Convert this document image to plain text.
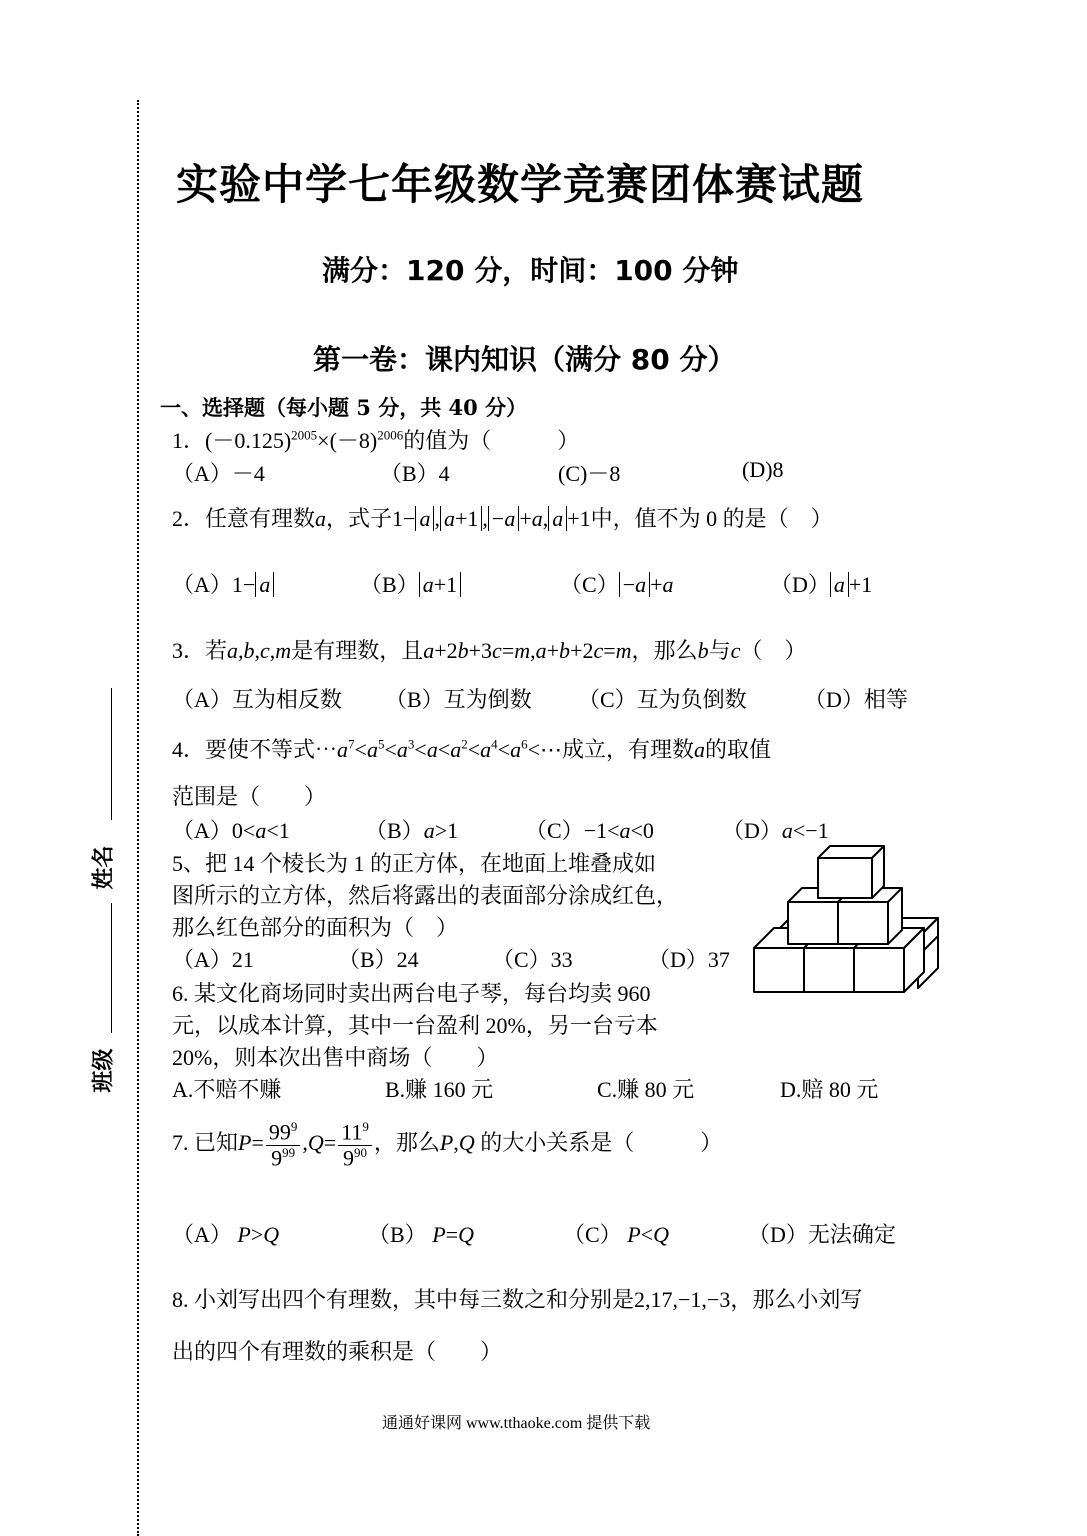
姓名
班级
实验中学七年级数学竞赛团体赛试题
满分：120 分，时间：100 分钟
第一卷：课内知识（满分 80 分）
一、选择题（每小题 5 分，共 40 分）
1．$(-0.125)^{2005}\times(-8)^{2006}$的值为（　　　）
（A）－4	（B）4	(C)－8	(D)8
2．任意有理数a，式子1− a , a+1 , −a +a, a +1中，值不为 0 的是（　）
（A）1− a	（B） a+1	（C） −a +a	（D） a +1
3．若a,b,c,m是有理数，且a+2b+3c=m,a+b+2c=m，那么b与c（　）
（A）互为相反数 （B）互为倒数 （C）互为负倒数	（D）相等
4．要使不等式$\cdots a^7<a^5<a^3<a<a^2<a^4<a^6<\cdots$成立，有理数a的取值
范围是（　　）
（A）0<a<1	（B）a>1	（C）−1<a<0	（D）a<−1
5、把 14 个棱长为 1 的正方体，在地面上堆叠成如
图所示的立方体，然后将露出的表面部分涂成红色，
那么红色部分的面积为（　）
（A）21	（B）24	（C）33	（D）37
6. 某文化商场同时卖出两台电子琴，每台均卖 960
元，以成本计算，其中一台盈利 20%，另一台亏本
20%，则本次出售中商场（　　）
A.不赔不赚	B.赚 160 元	C.赚 80 元	D.赔 80 元
7. 已知$P= \frac{99^9}{9^{99}} ,Q= \frac{11^9}{9^{90}}$ ，那么P,Q 的大小关系是（　　　）
（A） P>Q	（B） P=Q	（C） P<Q	（D）无法确定
8. 小刘写出四个有理数，其中每三数之和分别是2,17,−1,−3，那么小刘写
出的四个有理数的乘积是（　　）
通通好课网 www.tthaoke.com 提供下载
